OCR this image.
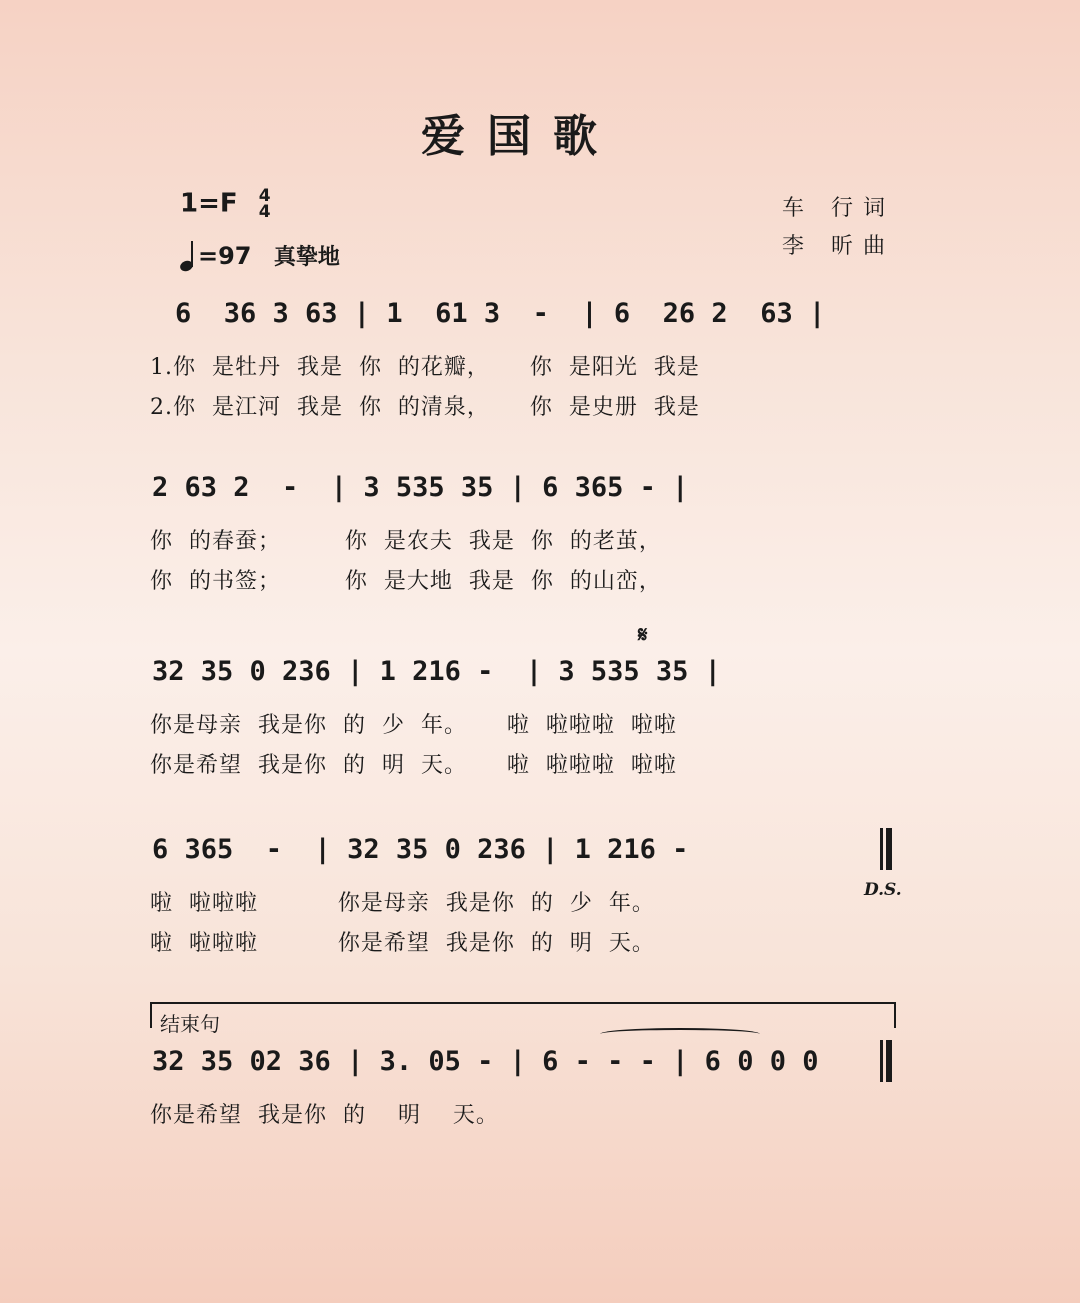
爱国歌
1=F 4
4
=97 真挚地
车 行词
李 昕曲
6  36 3 63 | 1  61 3  -  | 6  26 2  63 |
1.你  是牡丹  我是  你  的花瓣，     你  是阳光  我是
2.你  是江河  我是  你  的清泉，     你  是史册  我是
2 63 2  -  | 3 535 35 | 6 365 - |
你  的春蚕；        你  是农夫  我是  你  的老茧，
你  的书签；        你  是大地  我是  你  的山峦，
𝄋
32 35 0 236 | 1 216 -  | 3 535 35 |
你是母亲  我是你  的  少  年。     啦  啦啦啦  啦啦
你是希望  我是你  的  明  天。     啦  啦啦啦  啦啦
6 365  -  | 32 35 0 236 | 1 216 -
D.S.
啦  啦啦啦          你是母亲  我是你  的  少  年。
啦  啦啦啦          你是希望  我是你  的  明  天。
结束句
32 35 02 36 | 3. 05 - | 6 - - - | 6 0 0 0
你是希望  我是你  的    明    天。
